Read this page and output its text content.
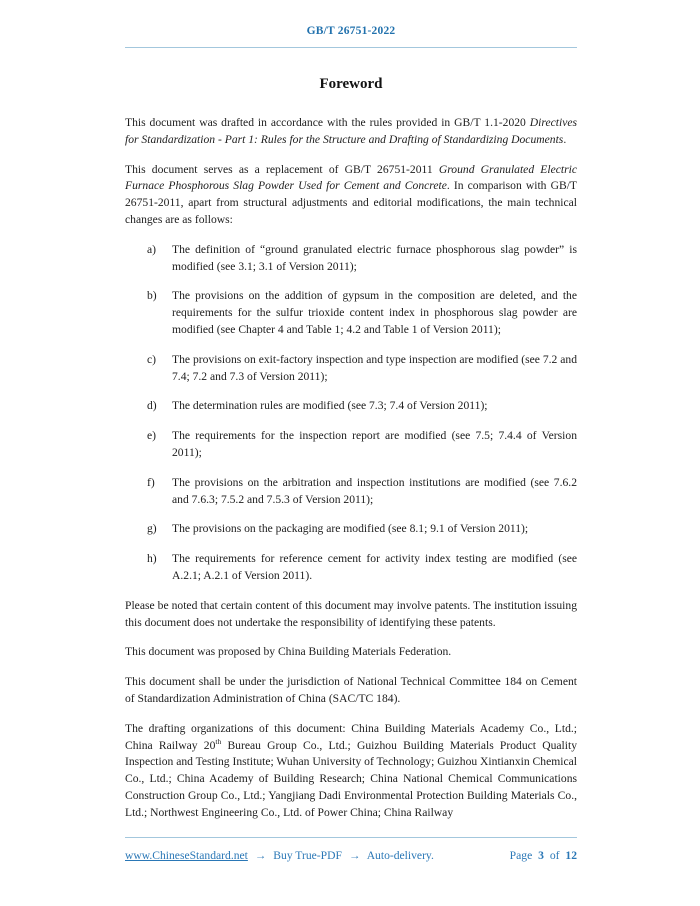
GB/T 26751-2022
Foreword
This document was drafted in accordance with the rules provided in GB/T 1.1-2020 Directives for Standardization - Part 1: Rules for the Structure and Drafting of Standardizing Documents.
This document serves as a replacement of GB/T 26751-2011 Ground Granulated Electric Furnace Phosphorous Slag Powder Used for Cement and Concrete. In comparison with GB/T 26751-2011, apart from structural adjustments and editorial modifications, the main technical changes are as follows:
a)	The definition of “ground granulated electric furnace phosphorous slag powder” is modified (see 3.1; 3.1 of Version 2011);
b)	The provisions on the addition of gypsum in the composition are deleted, and the requirements for the sulfur trioxide content index in phosphorous slag powder are modified (see Chapter 4 and Table 1; 4.2 and Table 1 of Version 2011);
c)	The provisions on exit-factory inspection and type inspection are modified (see 7.2 and 7.4; 7.2 and 7.3 of Version 2011);
d)	The determination rules are modified (see 7.3; 7.4 of Version 2011);
e)	The requirements for the inspection report are modified (see 7.5; 7.4.4 of Version 2011);
f)	The provisions on the arbitration and inspection institutions are modified (see 7.6.2 and 7.6.3; 7.5.2 and 7.5.3 of Version 2011);
g)	The provisions on the packaging are modified (see 8.1; 9.1 of Version 2011);
h)	The requirements for reference cement for activity index testing are modified (see A.2.1; A.2.1 of Version 2011).
Please be noted that certain content of this document may involve patents. The institution issuing this document does not undertake the responsibility of identifying these patents.
This document was proposed by China Building Materials Federation.
This document shall be under the jurisdiction of National Technical Committee 184 on Cement of Standardization Administration of China (SAC/TC 184).
The drafting organizations of this document: China Building Materials Academy Co., Ltd.; China Railway 20th Bureau Group Co., Ltd.; Guizhou Building Materials Product Quality Inspection and Testing Institute; Wuhan University of Technology; Guizhou Xintianxin Chemical Co., Ltd.; China Academy of Building Research; China National Chemical Communications Construction Group Co., Ltd.; Yangjiang Dadi Environmental Protection Building Materials Co., Ltd.; Northwest Engineering Co., Ltd. of Power China; China Railway
www.ChineseStandard.net → Buy True-PDF → Auto-delivery.	Page 3 of 12
